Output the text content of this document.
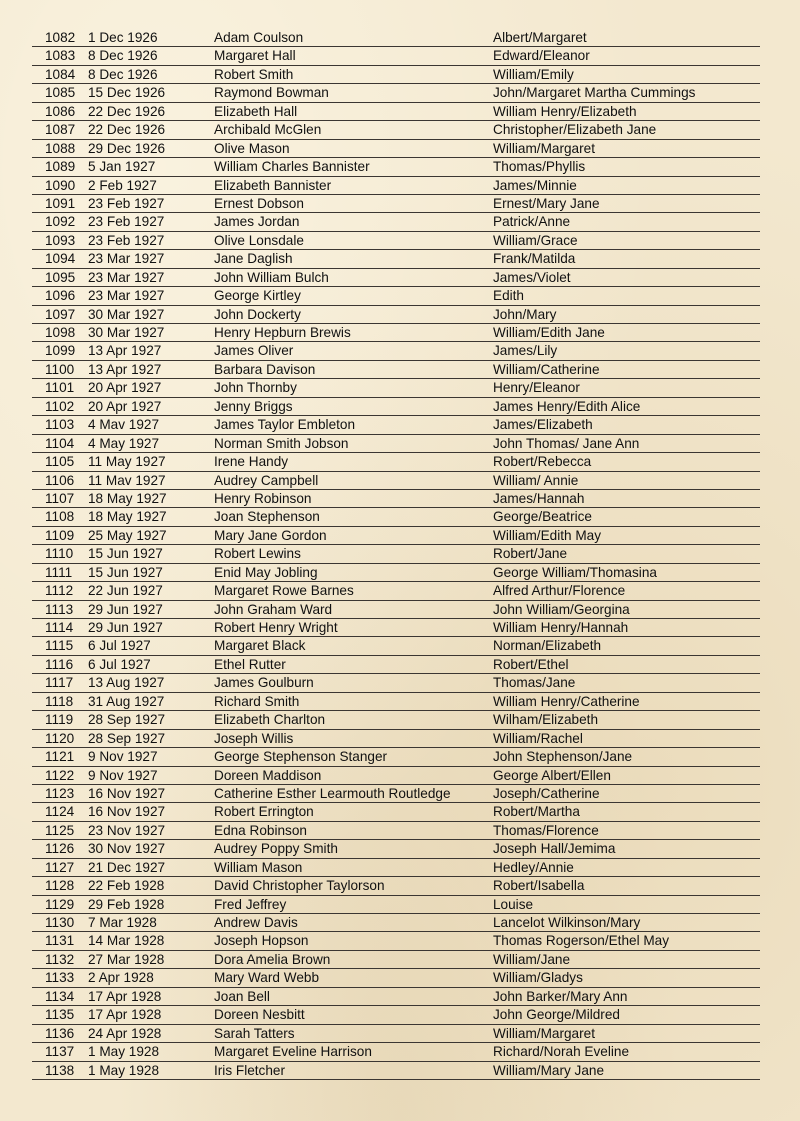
1082 1 Dec 1926	Adam Coulson	Albert/Margaret
1083 8 Dec 1926	Margaret Hall	Edward/Eleanor
1084 8 Dec 1926	Robert Smith	William/Emily
1085 15 Dec 1926	Raymond Bowman	John/Margaret Martha Cummings
1086 22 Dec 1926	Elizabeth Hall	William Henry/Elizabeth
1087 22 Dec 1926	Archibald McGlen	Christopher/Elizabeth Jane
1088 29 Dec 1926	Olive Mason	William/Margaret
1089 5 Jan 1927	William Charles Bannister	Thomas/Phyllis
1090 2 Feb 1927	Elizabeth Bannister	James/Minnie
1091 23 Feb 1927	Ernest Dobson	Ernest/Mary Jane
1092 23 Feb 1927	James Jordan	Patrick/Anne
1093 23 Feb 1927	Olive Lonsdale	William/Grace
1094 23 Mar 1927	Jane Daglish	Frank/Matilda
1095 23 Mar 1927	John William Bulch	James/Violet
1096 23 Mar 1927	George Kirtley	Edith
1097 30 Mar 1927	John Dockerty	John/Mary
1098 30 Mar 1927	Henry Hepburn Brewis	William/Edith Jane
1099 13 Apr 1927	James Oliver	James/Lily
1100 13 Apr 1927	Barbara Davison	William/Catherine
1101 20 Apr 1927	John Thornby	Henry/Eleanor
1102 20 Apr 1927	Jenny Briggs	James Henry/Edith Alice
1103 4 Mav 1927	James Taylor Embleton	James/Elizabeth
1104 4 May 1927	Norman Smith Jobson	John Thomas/ Jane Ann
1105 11 May 1927	Irene Handy	Robert/Rebecca
1106 11 Mav 1927	Audrey Campbell	William/ Annie
1107 18 May 1927	Henry Robinson	James/Hannah
1108 18 May 1927	Joan Stephenson	George/Beatrice
1109 25 May 1927	Mary Jane Gordon	William/Edith May
1110 15 Jun 1927	Robert Lewins	Robert/Jane
1111 15 Jun 1927	Enid May Jobling	George William/Thomasina
1112 22 Jun 1927	Margaret Rowe Barnes	Alfred Arthur/Florence
1113 29 Jun 1927	John Graham Ward	John William/Georgina
1114 29 Jun 1927	Robert Henry Wright	William Henry/Hannah
1115 6 Jul 1927	Margaret Black	Norman/Elizabeth
1116 6 Jul 1927	Ethel Rutter	Robert/Ethel
1117 13 Aug 1927	James Goulburn	Thomas/Jane
1118 31 Aug 1927	Richard Smith	William Henry/Catherine
1119 28 Sep 1927	Elizabeth Charlton	Wilham/Elizabeth
1120 28 Sep 1927	Joseph Willis	William/Rachel
1121 9 Nov 1927	George Stephenson Stanger	John Stephenson/Jane
1122 9 Nov 1927	Doreen Maddison	George Albert/Ellen
1123 16 Nov 1927	Catherine Esther Learmouth Routledge	Joseph/Catherine
1124 16 Nov 1927	Robert Errington	Robert/Martha
1125 23 Nov 1927	Edna Robinson	Thomas/Florence
1126 30 Nov 1927	Audrey Poppy Smith	Joseph Hall/Jemima
1127 21 Dec 1927	William Mason	Hedley/Annie
1128 22 Feb 1928	David Christopher Taylorson	Robert/Isabella
1129 29 Feb 1928	Fred Jeffrey	Louise
1130 7 Mar 1928	Andrew Davis	Lancelot Wilkinson/Mary
1131 14 Mar 1928	Joseph Hopson	Thomas Rogerson/Ethel May
1132 27 Mar 1928	Dora Amelia Brown	William/Jane
1133 2 Apr 1928	Mary Ward Webb	William/Gladys
1134 17 Apr 1928	Joan Bell	John Barker/Mary Ann
1135 17 Apr 1928	Doreen Nesbitt	John George/Mildred
1136 24 Apr 1928	Sarah Tatters	William/Margaret
1137 1 May 1928	Margaret Eveline Harrison	Richard/Norah Eveline
1138 1 May 1928	Iris Fletcher	William/Mary Jane
